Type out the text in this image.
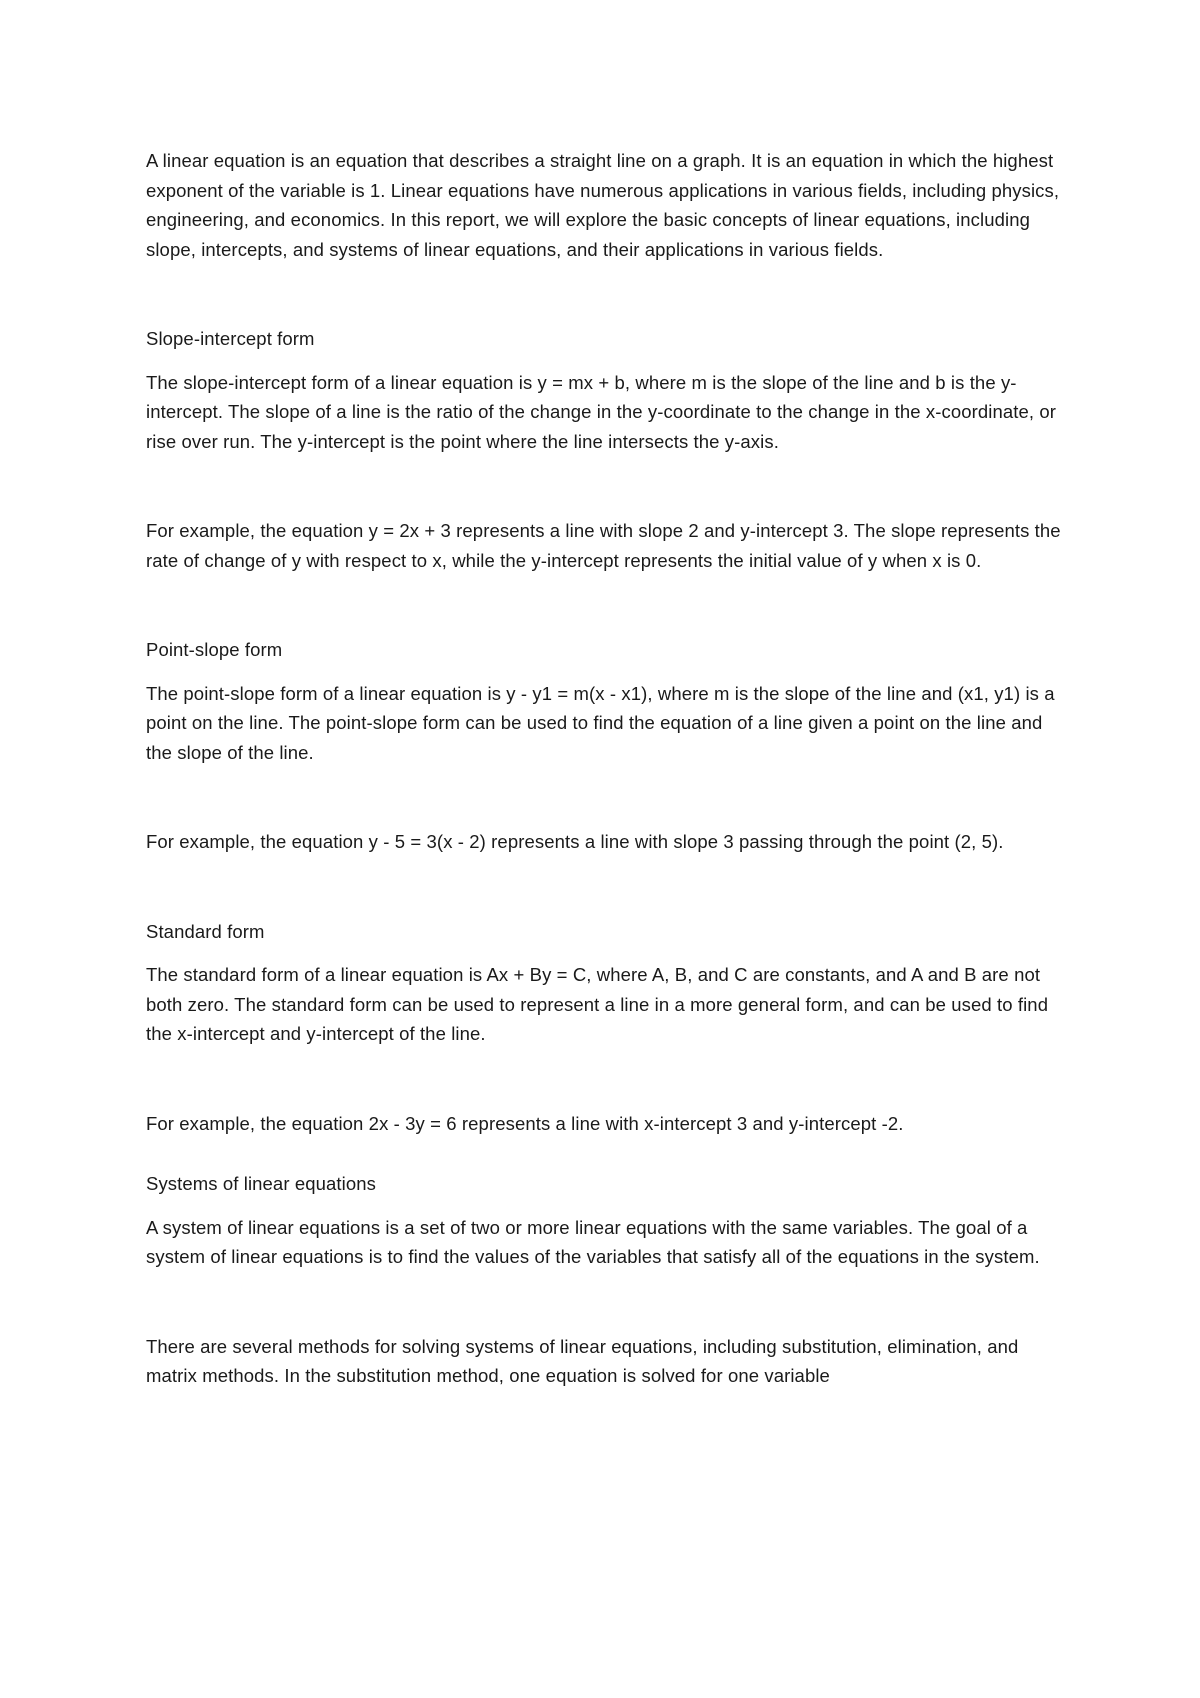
A linear equation is an equation that describes a straight line on a graph. It is an equation in which the highest exponent of the variable is 1. Linear equations have numerous applications in various fields, including physics, engineering, and economics. In this report, we will explore the basic concepts of linear equations, including slope, intercepts, and systems of linear equations, and their applications in various fields.

Slope-intercept form

The slope-intercept form of a linear equation is y = mx + b, where m is the slope of the line and b is the y-intercept. The slope of a line is the ratio of the change in the y-coordinate to the change in the x-coordinate, or rise over run. The y-intercept is the point where the line intersects the y-axis.

For example, the equation y = 2x + 3 represents a line with slope 2 and y-intercept 3. The slope represents the rate of change of y with respect to x, while the y-intercept represents the initial value of y when x is 0.

Point-slope form

The point-slope form of a linear equation is y - y1 = m(x - x1), where m is the slope of the line and (x1, y1) is a point on the line. The point-slope form can be used to find the equation of a line given a point on the line and the slope of the line.

For example, the equation y - 5 = 3(x - 2) represents a line with slope 3 passing through the point (2, 5).

Standard form

The standard form of a linear equation is Ax + By = C, where A, B, and C are constants, and A and B are not both zero. The standard form can be used to represent a line in a more general form, and can be used to find the x-intercept and y-intercept of the line.

For example, the equation 2x - 3y = 6 represents a line with x-intercept 3 and y-intercept -2.

Systems of linear equations

A system of linear equations is a set of two or more linear equations with the same variables. The goal of a system of linear equations is to find the values of the variables that satisfy all of the equations in the system.

There are several methods for solving systems of linear equations, including substitution, elimination, and matrix methods. In the substitution method, one equation is solved for one variable
